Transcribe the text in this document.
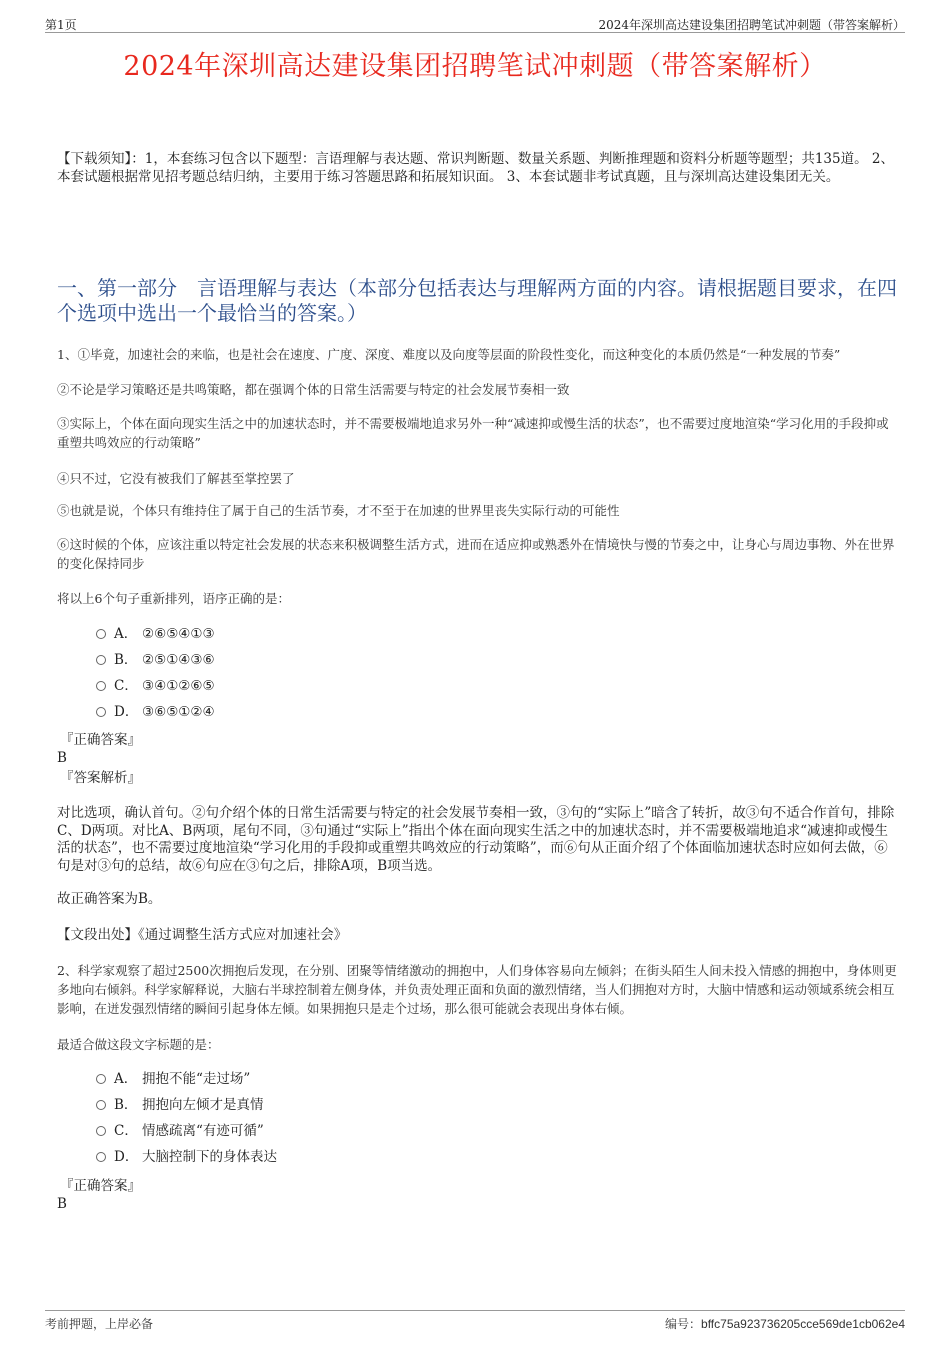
第1页	2024年深圳高达建设集团招聘笔试冲刺题（带答案解析）
2024年深圳高达建设集团招聘笔试冲刺题（带答案解析）
【下载须知】：1，本套练习包含以下题型：言语理解与表达题、常识判断题、数量关系题、判断推理题和资料分析题等题型；共135道。 2、本套试题根据常见招考题总结归纳，主要用于练习答题思路和拓展知识面。 3、本套试题非考试真题，且与深圳高达建设集团无关。
一、第一部分　言语理解与表达（本部分包括表达与理解两方面的内容。请根据题目要求，在四个选项中选出一个最恰当的答案。）
1、①毕竟，加速社会的来临，也是社会在速度、广度、深度、难度以及向度等层面的阶段性变化，而这种变化的本质仍然是“一种发展的节奏”
②不论是学习策略还是共鸣策略，都在强调个体的日常生活需要与特定的社会发展节奏相一致
③实际上，个体在面向现实生活之中的加速状态时，并不需要极端地追求另外一种“减速抑或慢生活的状态”，也不需要过度地渲染“学习化用的手段抑或重塑共鸣效应的行动策略”
④只不过，它没有被我们了解甚至掌控罢了
⑤也就是说，个体只有维持住了属于自己的生活节奏，才不至于在加速的世界里丧失实际行动的可能性
⑥这时候的个体，应该注重以特定社会发展的状态来积极调整生活方式，进而在适应抑或熟悉外在情境快与慢的节奏之中，让身心与周边事物、外在世界的变化保持同步
将以上6个句子重新排列，语序正确的是：
A． ②⑥⑤④①③
B． ②⑤①④③⑥
C． ③④①②⑥⑤
D． ③⑥⑤①②④
『正确答案』
B
『答案解析』
对比选项，确认首句。②句介绍个体的日常生活需要与特定的社会发展节奏相一致，③句的“实际上”暗含了转折，故③句不适合作首句，排除C、D两项。对比A、B两项，尾句不同，③句通过“实际上”指出个体在面向现实生活之中的加速状态时，并不需要极端地追求“减速抑或慢生活的状态”，也不需要过度地渲染“学习化用的手段抑或重塑共鸣效应的行动策略”，而⑥句从正面介绍了个体面临加速状态时应如何去做，⑥句是对③句的总结，故⑥句应在③句之后，排除A项，B项当选。
故正确答案为B。
【文段出处】《通过调整生活方式应对加速社会》
2、科学家观察了超过2500次拥抱后发现，在分别、团聚等情绪激动的拥抱中，人们身体容易向左倾斜；在街头陌生人间未投入情感的拥抱中，身体则更多地向右倾斜。科学家解释说，大脑右半球控制着左侧身体，并负责处理正面和负面的激烈情绪，当人们拥抱对方时，大脑中情感和运动领域系统会相互影响，在迸发强烈情绪的瞬间引起身体左倾。如果拥抱只是走个过场，那么很可能就会表现出身体右倾。
最适合做这段文字标题的是：
A． 拥抱不能“走过场”
B． 拥抱向左倾才是真情
C． 情感疏离“有迹可循”
D． 大脑控制下的身体表达
『正确答案』
B
考前押题，上岸必备	编号：bffc75a923736205cce569de1cb062e4
